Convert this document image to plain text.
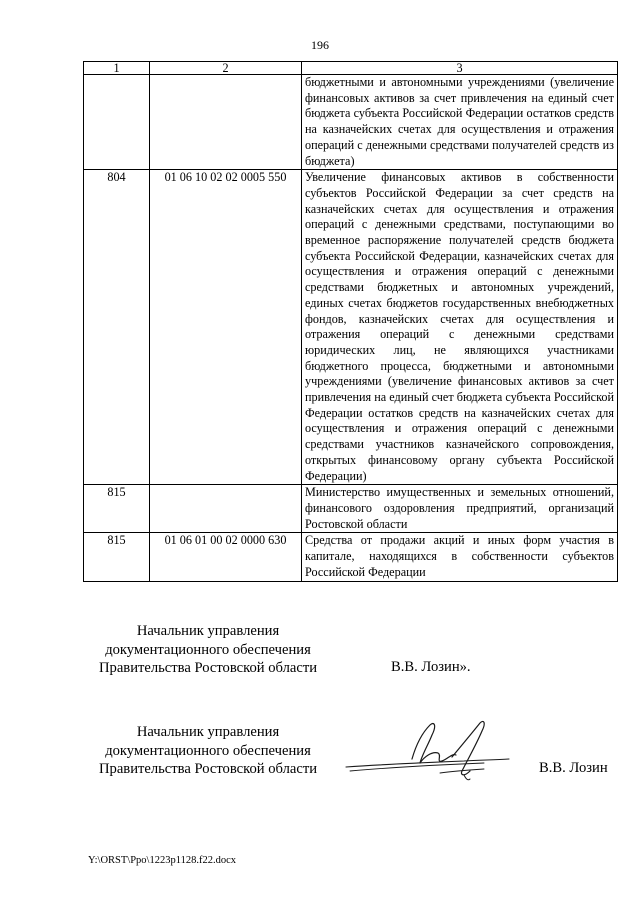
196
1	2	3
		бюджетными и автономными учреждениями (увеличение финансовых активов за счет привлечения на единый счет бюджета субъекта Российской Федерации остатков средств на казначейских счетах для осуществления и отражения операций с денежными средствами получателей средств из бюджета)
804	01 06 10 02 02 0005 550	Увеличение финансовых активов в собственности субъектов Российской Федерации за счет средств на казначейских счетах для осуществления и отражения операций с денежными средствами, поступающими во временное распоряжение получателей средств бюджета субъекта Российской Федерации, казначейских счетах для осуществления и отражения операций с денежными средствами бюджетных и автономных учреждений, единых счетах бюджетов государственных внебюджетных фондов, казначейских счетах для осуществления и отражения операций с денежными средствами юридических лиц, не являющихся участниками бюджетного процесса, бюджетными и автономными учреждениями (увеличение финансовых активов за счет привлечения на единый счет бюджета субъекта Российской Федерации остатков средств на казначейских счетах для осуществления и отражения операций с денежными средствами участников казначейского сопровождения, открытых финансовому органу субъекта Российской Федерации)
815		Министерство имущественных и земельных отношений, финансового оздоровления предприятий, организаций Ростовской области
815	01 06 01 00 02 0000 630	Средства от продажи акций и иных форм участия в капитале, находящихся в собственности субъектов Российской Федерации
Начальник управления
документационного обеспечения
Правительства Ростовской области	В.В. Лозин».
Начальник управления
документационного обеспечения
Правительства Ростовской области	В.В. Лозин
Y:\ORST\Ppo\1223p1128.f22.docx
